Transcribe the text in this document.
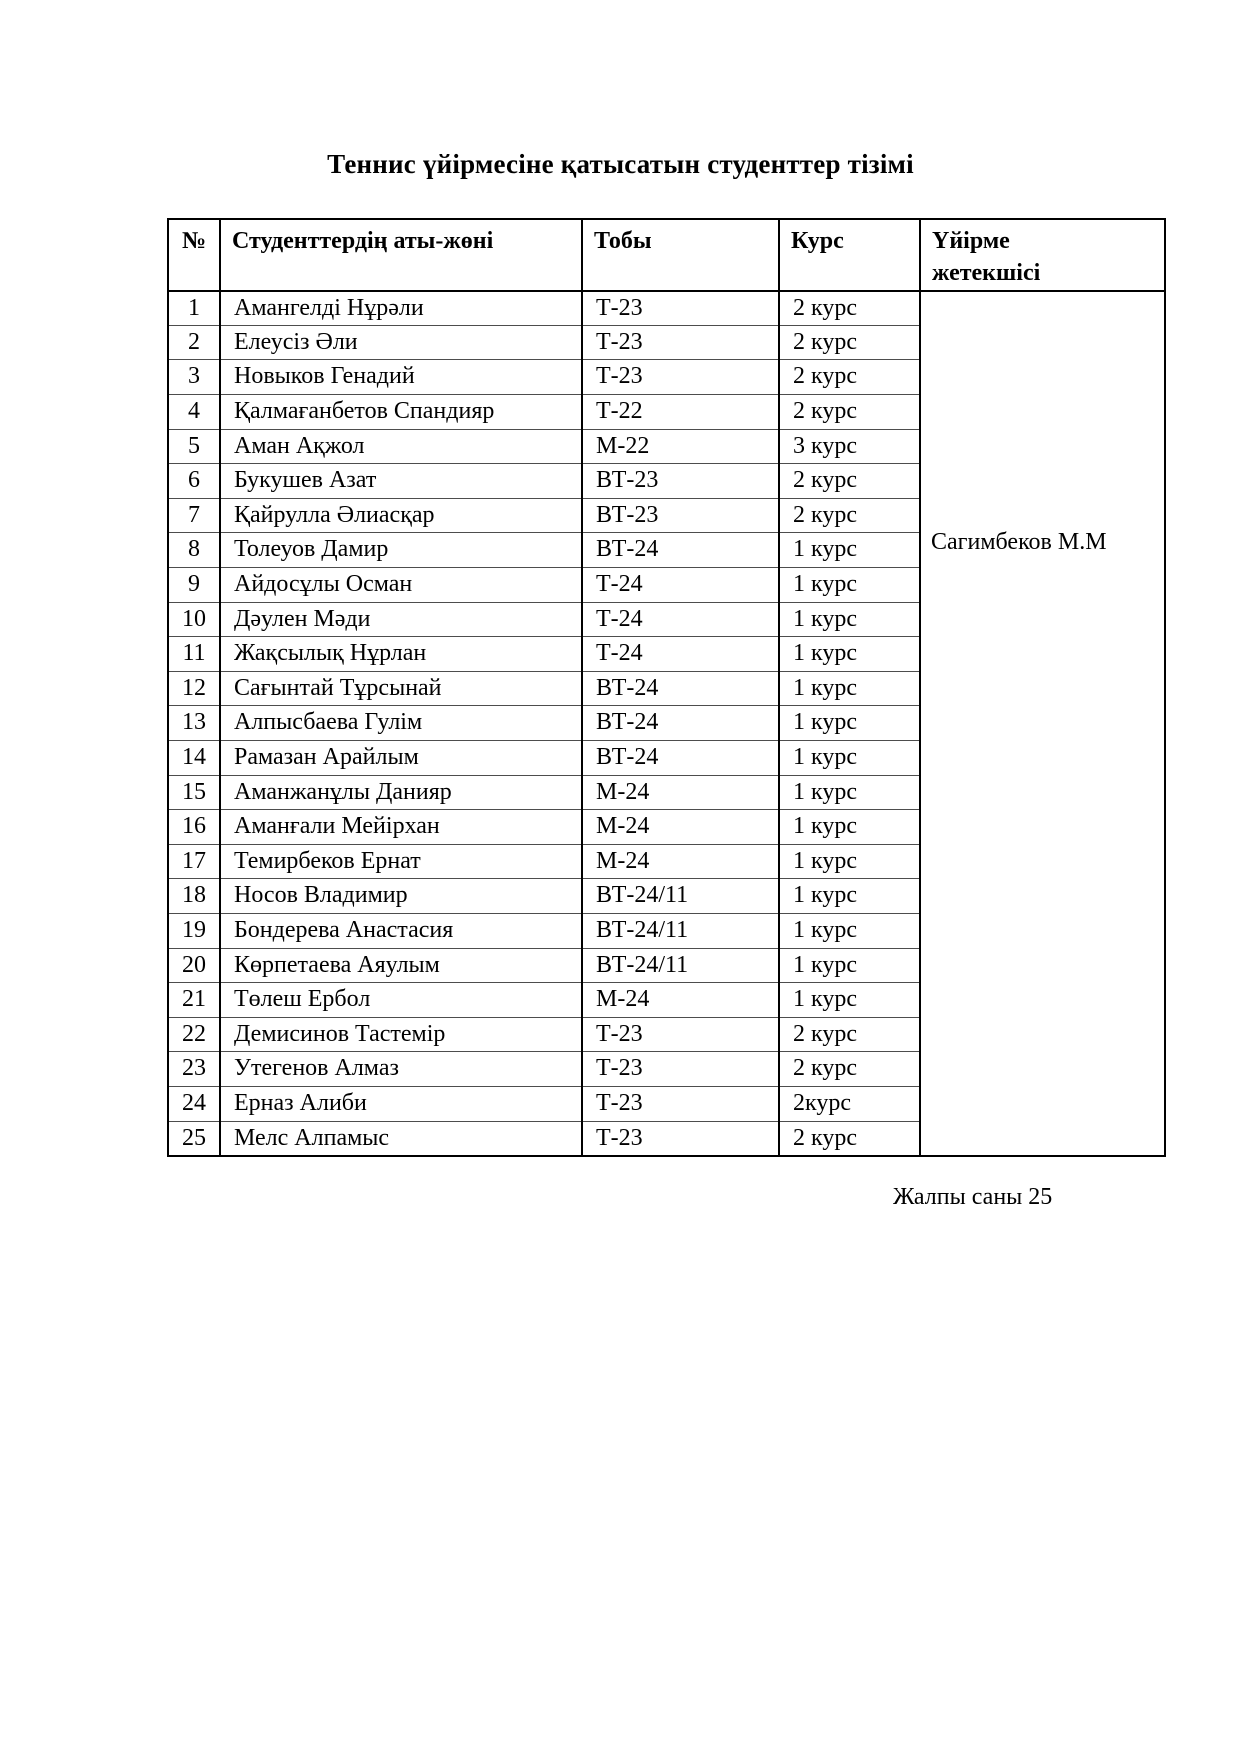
Теннис үйірмесіне қатысатын студенттер тізімі
№	Студенттердің аты-жөні	Тобы	Курс	Үйірме жетекшісі
1	Амангелді Нұрәли	Т-23	2 курс	Сагимбеков М.М
2	Елеусіз Әли	Т-23	2 курс	
3	Новыков Генадий	Т-23	2 курс	
4	Қалмағанбетов Спандияр	Т-22	2 курс	
5	Аман Ақжол	М-22	3 курс	
6	Букушев Азат	ВТ-23	2 курс	
7	Қайрулла Әлиасқар	ВТ-23	2 курс	
8	Толеуов Дамир	ВТ-24	1 курс	
9	Айдосұлы Осман	Т-24	1 курс	
10	Дәулен Мәди	Т-24	1 курс	
11	Жақсылық Нұрлан	Т-24	1 курс	
12	Сағынтай Тұрсынай	ВТ-24	1 курс	
13	Алпысбаева Гулім	ВТ-24	1 курс	
14	Рамазан Арайлым	ВТ-24	1 курс	
15	Аманжанұлы Данияр	М-24	1 курс	
16	Аманғали Мейірхан	М-24	1 курс	
17	Темирбеков Ернат	М-24	1 курс	
18	Носов Владимир	ВТ-24/11	1 курс	
19	Бондерева Анастасия	ВТ-24/11	1 курс	
20	Көрпетаева Аяулым	ВТ-24/11	1 курс	
21	Төлеш Ербол	М-24	1 курс	
22	Демисинов Тастемір	Т-23	2 курс	
23	Утегенов Алмаз	Т-23	2 курс	
24	Ерназ Алиби	Т-23	2курс	
25	Мелс Алпамыс	Т-23	2 курс	
Жалпы саны 25
